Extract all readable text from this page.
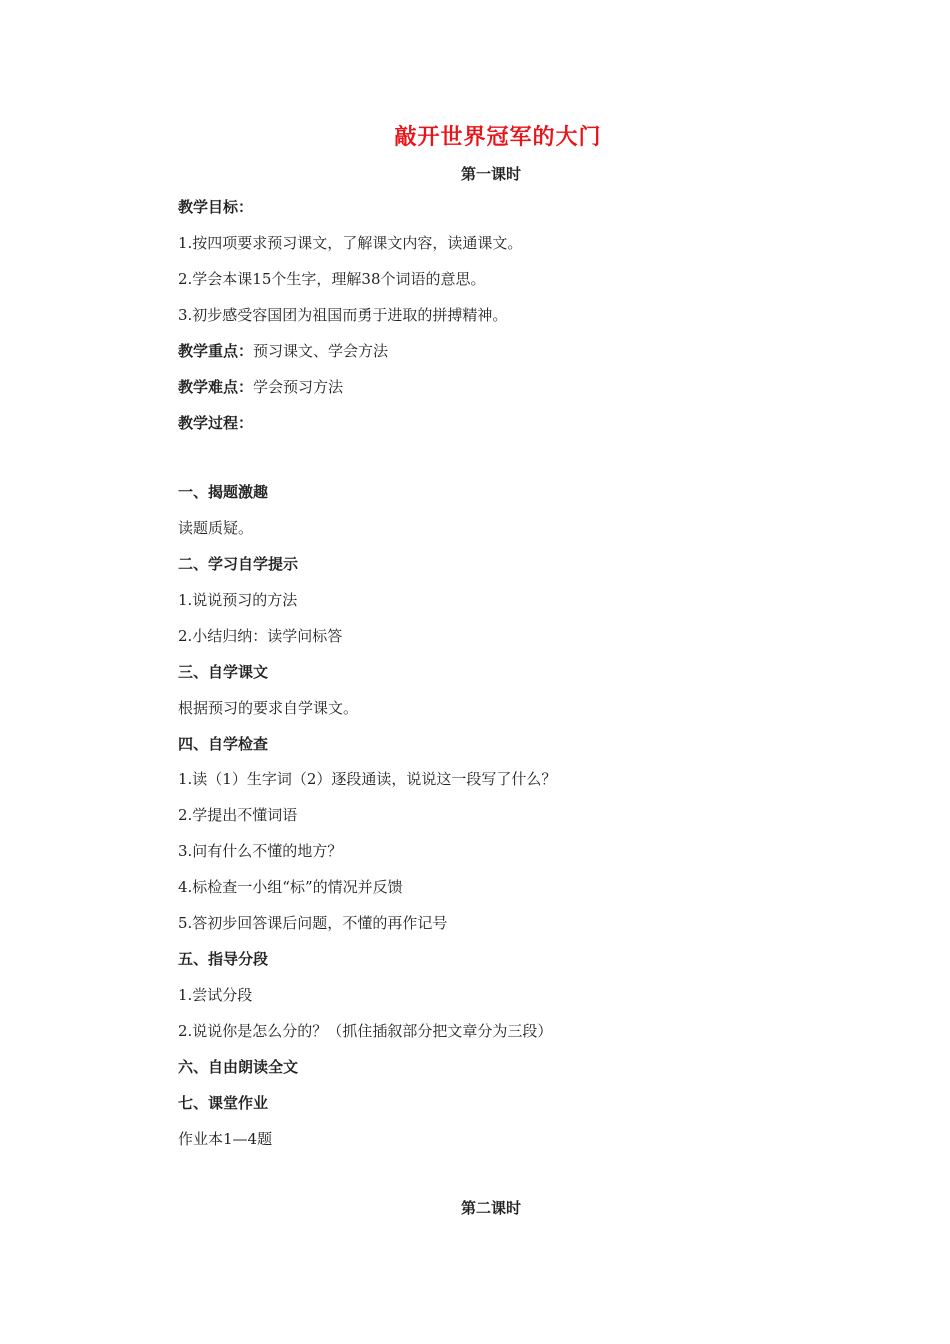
敲开世界冠军的大门
第一课时
教学目标：
1.按四项要求预习课文，了解课文内容，读通课文。
2.学会本课15个生字，理解38个词语的意思。
3.初步感受容国团为祖国而勇于进取的拼搏精神。
教学重点：预习课文、学会方法
教学难点：学会预习方法
教学过程：
一、揭题激趣
读题质疑。
二、学习自学提示
1.说说预习的方法
2.小结归纳：读学问标答
三、自学课文
根据预习的要求自学课文。
四、自学检查
1.读（1）生字词（2）逐段通读，说说这一段写了什么？
2.学提出不懂词语
3.问有什么不懂的地方？
4.标检查一小组“标”的情况并反馈
5.答初步回答课后问题，不懂的再作记号
五、指导分段
1.尝试分段
2.说说你是怎么分的？（抓住插叙部分把文章分为三段）
六、自由朗读全文
七、课堂作业
作业本1—4题
第二课时
